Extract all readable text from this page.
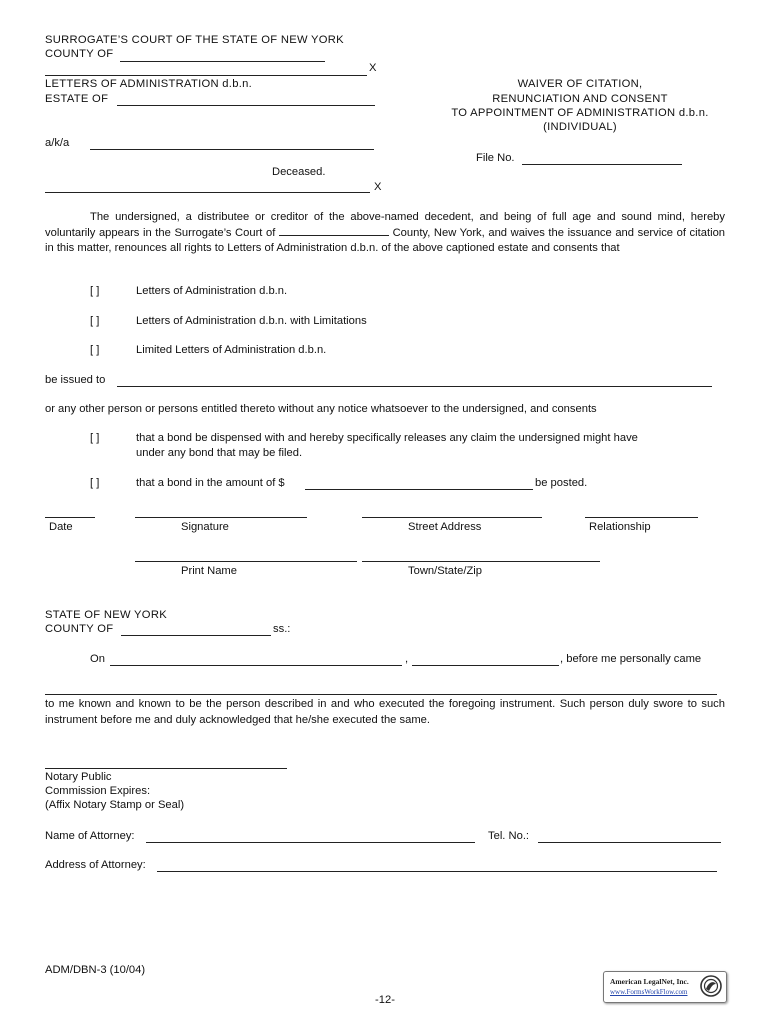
SURROGATE’S COURT OF THE STATE OF NEW YORK
COUNTY OF
X
LETTERS OF ADMINISTRATION d.b.n.
ESTATE OF
a/k/a
Deceased.
X
WAIVER OF CITATION,
RENUNCIATION AND CONSENT
TO APPOINTMENT OF ADMINISTRATION d.b.n.
(INDIVIDUAL)
File No.
The undersigned, a distributee or creditor of the above-named decedent, and being of full age and sound mind, hereby voluntarily appears in the Surrogate’s Court of	County, New York, and waives the issuance and service of citation in this matter, renounces all rights to Letters of Administration d.b.n. of the above captioned estate and consents that
[ ]	Letters of Administration d.b.n.
[ ]	Letters of Administration d.b.n. with Limitations
[ ]	Limited Letters of Administration d.b.n.
be issued to
or any other person or persons entitled thereto without any notice whatsoever to the undersigned, and consents
[ ]	that a bond be dispensed with and hereby specifically releases any claim the undersigned might have
under any bond that may be filed.
[ ]	that a bond in the amount of $	be posted.
Date	Signature	Street Address	Relationship
Print Name	Town/State/Zip
STATE OF NEW YORK
COUNTY OF	ss.:
On	,	, before me personally came
to me known and known to be the person described in and who executed the foregoing instrument. Such person duly swore to such instrument before me and duly acknowledged that he/she executed the same.
Notary Public
Commission Expires:
(Affix Notary Stamp or Seal)
Name of Attorney:	Tel. No.:
Address of Attorney:
ADM/DBN-3 (10/04)
-12-
American LegalNet, Inc.
www.FormsWorkFlow.com
